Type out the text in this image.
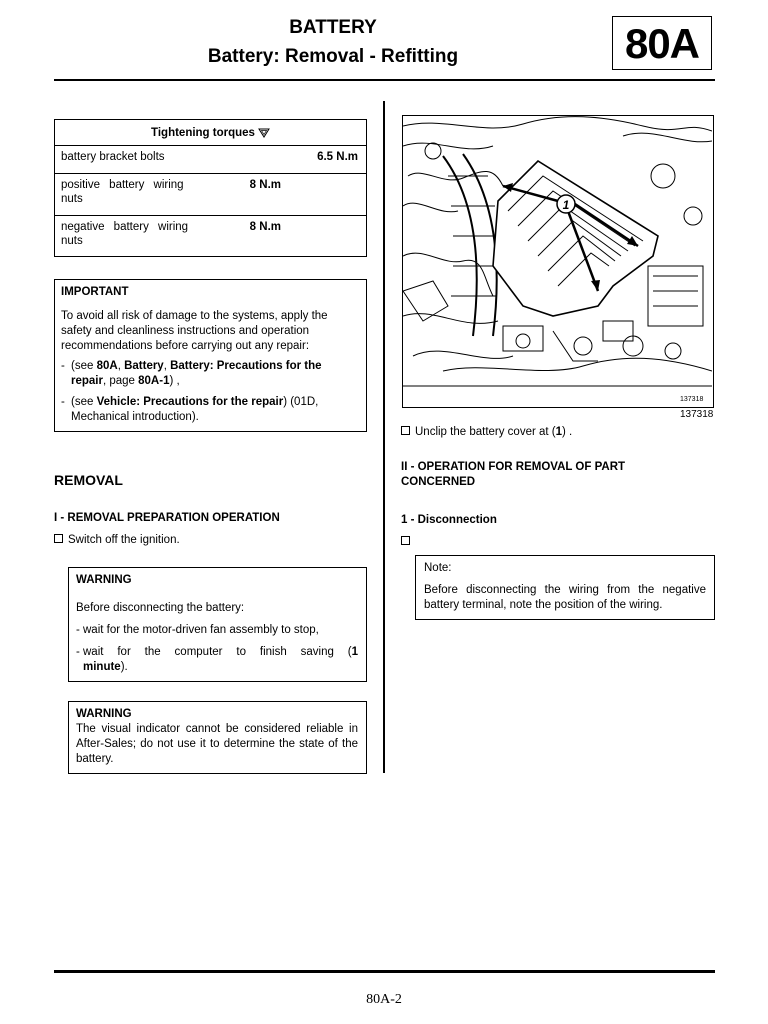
BATTERY
Battery: Removal - Refitting	80A
Tightening torques
battery bracket bolts	6.5 N.m
positive battery wiring nuts
8 N.m
negative battery wiring nuts
8 N.m

IMPORTANT

To avoid all risk of damage to the systems, apply the safety and cleanliness instructions and operation recommendations before carrying out any repair:

- (see 80A, Battery, Battery: Precautions for the repair, page 80A-1) ,
- (see Vehicle: Precautions for the repair) (01D, Mechanical introduction).
REMOVAL
I - REMOVAL PREPARATION OPERATION
Switch off the ignition.

WARNING

Before disconnecting the battery:

- wait for the motor-driven fan assembly to stop,
- wait for the computer to finish saving (1 minute).

WARNING

The visual indicator cannot be considered reliable in After-Sales; do not use it to determine the state of the battery.

1
137318
137318
Unclip the battery cover at (1) .
II - OPERATION FOR REMOVAL OF PART CONCERNED
1 - Disconnection

Note:

Before disconnecting the wiring from the negative battery terminal, note the position of the wiring.

80A-2
